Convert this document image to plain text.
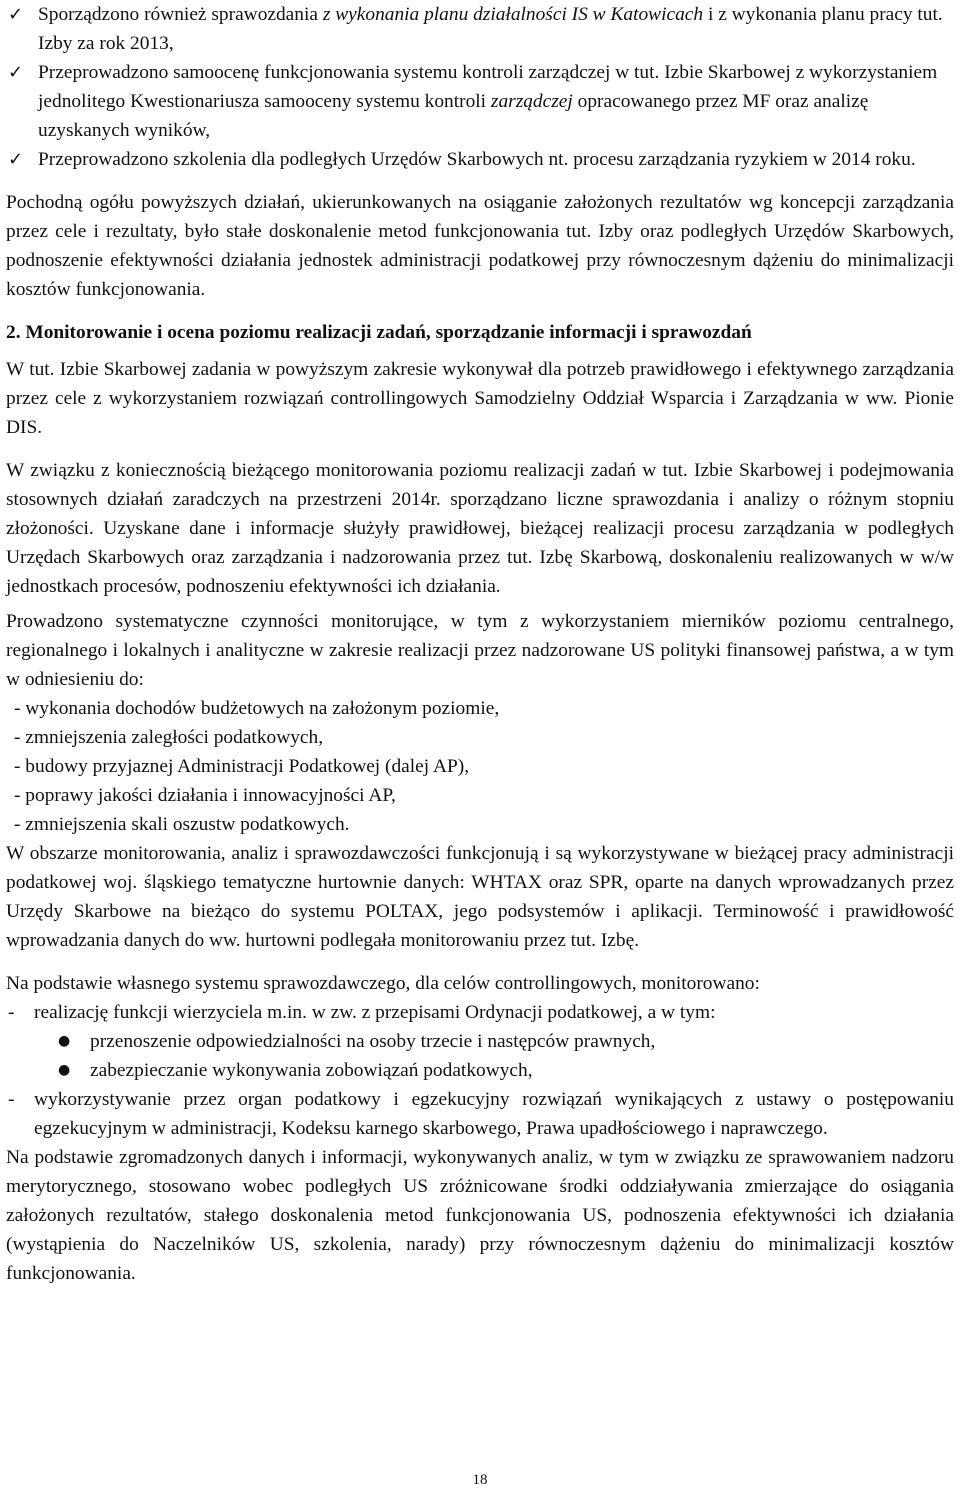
✓ Sporządzono również sprawozdania z wykonania planu działalności IS w Katowicach i z wykonania planu pracy tut. Izby za rok 2013,
✓ Przeprowadzono samoocenę funkcjonowania systemu kontroli zarządczej w tut. Izbie Skarbowej z wykorzystaniem jednolitego Kwestionariusza samooceny systemu kontroli zarządczej opracowanego przez MF oraz analizę uzyskanych wyników,
✓ Przeprowadzono szkolenia dla podległych Urzędów Skarbowych nt. procesu zarządzania ryzykiem w 2014 roku.

Pochodną ogółu powyższych działań, ukierunkowanych na osiąganie założonych rezultatów wg koncepcji zarządzania przez cele i rezultaty, było stałe doskonalenie metod funkcjonowania tut. Izby oraz podległych Urzędów Skarbowych, podnoszenie efektywności działania jednostek administracji podatkowej przy równoczesnym dążeniu do minimalizacji kosztów funkcjonowania.

2. Monitorowanie i ocena poziomu realizacji zadań, sporządzanie informacji i sprawozdań

W tut. Izbie Skarbowej zadania w powyższym zakresie wykonywał dla potrzeb prawidłowego i efektywnego zarządzania przez cele z wykorzystaniem rozwiązań controllingowych Samodzielny Oddział Wsparcia i Zarządzania w ww. Pionie DIS.

W związku z koniecznością bieżącego monitorowania poziomu realizacji zadań w tut. Izbie Skarbowej i podejmowania stosownych działań zaradczych na przestrzeni 2014r. sporządzano liczne sprawozdania i analizy o różnym stopniu złożoności. Uzyskane dane i informacje służyły prawidłowej, bieżącej realizacji procesu zarządzania w podległych Urzędach Skarbowych oraz zarządzania i nadzorowania przez tut. Izbę Skarbową, doskonaleniu realizowanych w w/w jednostkach procesów, podnoszeniu efektywności ich działania.

Prowadzono systematyczne czynności monitorujące, w tym z wykorzystaniem mierników poziomu centralnego, regionalnego i lokalnych i analityczne w zakresie realizacji przez nadzorowane US polityki finansowej państwa, a w tym w odniesieniu do:

- wykonania dochodów budżetowych na założonym poziomie,
- zmniejszenia zaległości podatkowych,
- budowy przyjaznej Administracji Podatkowej (dalej AP),
- poprawy jakości działania i innowacyjności AP,
- zmniejszenia skali oszustw podatkowych.

W obszarze monitorowania, analiz i sprawozdawczości funkcjonują i są wykorzystywane w bieżącej pracy administracji podatkowej woj. śląskiego tematyczne hurtownie danych: WHTAX oraz SPR, oparte na danych wprowadzanych przez Urzędy Skarbowe na bieżąco do systemu POLTAX, jego podsystemów i aplikacji. Terminowość i prawidłowość wprowadzania danych do ww. hurtowni podlegała monitorowaniu przez tut. Izbę.

Na podstawie własnego systemu sprawozdawczego, dla celów controllingowych, monitorowano:

-	realizację funkcji wierzyciela m.in. w zw. z przepisami Ordynacji podatkowej, a w tym:
●	przenoszenie odpowiedzialności na osoby trzecie i następców prawnych,
●	zabezpieczanie wykonywania zobowiązań podatkowych,
-	wykorzystywanie przez organ podatkowy i egzekucyjny rozwiązań wynikających z ustawy o postępowaniu egzekucyjnym w administracji, Kodeksu karnego skarbowego, Prawa upadłościowego i naprawczego.

Na podstawie zgromadzonych danych i informacji, wykonywanych analiz, w tym w związku ze sprawowaniem nadzoru merytorycznego, stosowano wobec podległych US zróżnicowane środki oddziaływania zmierzające do osiągania założonych rezultatów, stałego doskonalenia metod funkcjonowania US, podnoszenia efektywności ich działania (wystąpienia do Naczelników US, szkolenia, narady) przy równoczesnym dążeniu do minimalizacji kosztów funkcjonowania.

18
